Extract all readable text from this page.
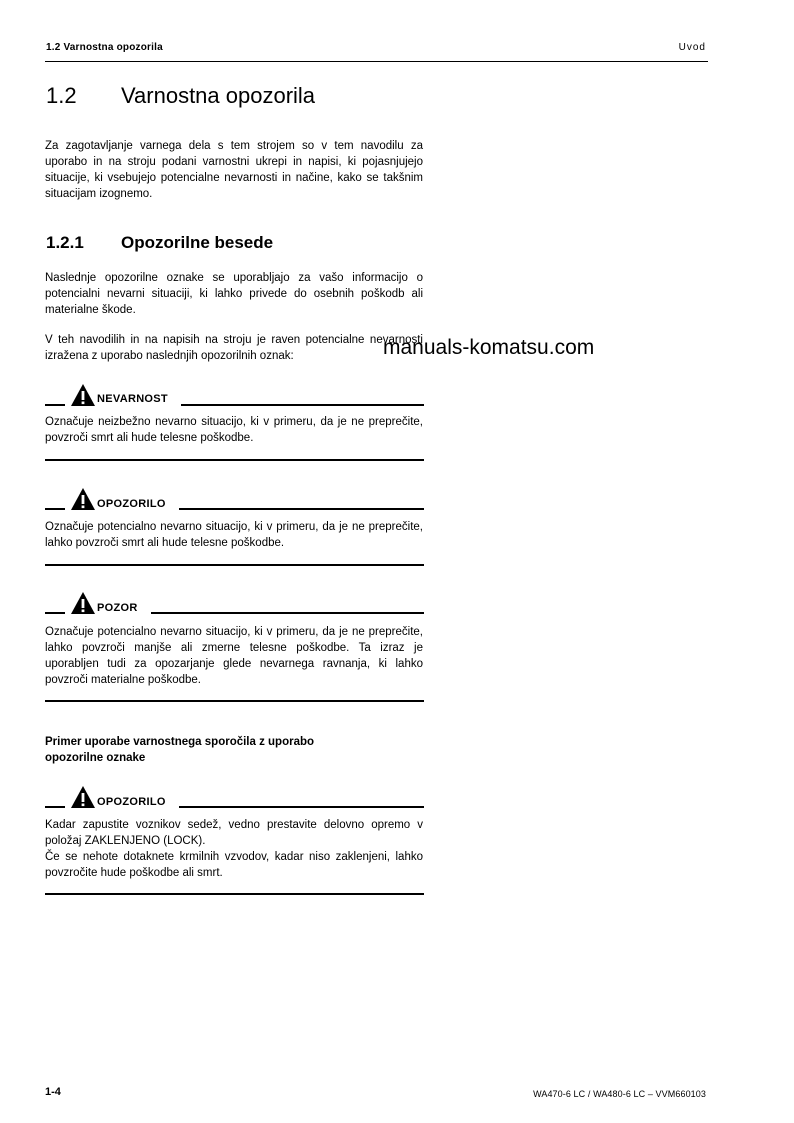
1.2 Varnostna opozorila	Uvod
1.2	Varnostna opozorila

Za zagotavljanje varnega dela s tem strojem so v tem navodilu za uporabo in na stroju podani varnostni ukrepi in napisi, ki pojasnjujejo situacije, ki vsebujejo potencialne nevarnosti in načine, kako se takšnim situacijam izognemo.

1.2.1	Opozorilne besede

Naslednje opozorilne oznake se uporabljajo za vašo informacijo o potencialni nevarni situaciji, ki lahko privede do osebnih poškodb ali materialne škode.

V teh navodilih in na napisih na stroju je raven potencialne nevarnosti izražena z uporabo naslednjih opozorilnih oznak:	manuals-komatsu.com
NEVARNOST

Označuje neizbežno nevarno situacijo, ki v primeru, da je ne preprečite, povzroči smrt ali hude telesne poškodbe.

OPOZORILO

Označuje potencialno nevarno situacijo, ki v primeru, da je ne preprečite, lahko povzroči smrt ali hude telesne poškodbe.

POZOR

Označuje potencialno nevarno situacijo, ki v primeru, da je ne preprečite, lahko povzroči manjše ali zmerne telesne poškodbe. Ta izraz je uporabljen tudi za opozarjanje glede nevarnega ravnanja, ki lahko povzroči materialne poškodbe.

Primer uporabe varnostnega sporočila z uporabo opozorilne oznake
OPOZORILO

Kadar zapustite voznikov sedež, vedno prestavite delovno opremo v položaj ZAKLENJENO (LOCK).

Če se nehote dotaknete krmilnih vzvodov, kadar niso zaklenjeni, lahko povzročite hude poškodbe ali smrt.

1-4	WA470-6 LC / WA480-6 LC – VVM660103
